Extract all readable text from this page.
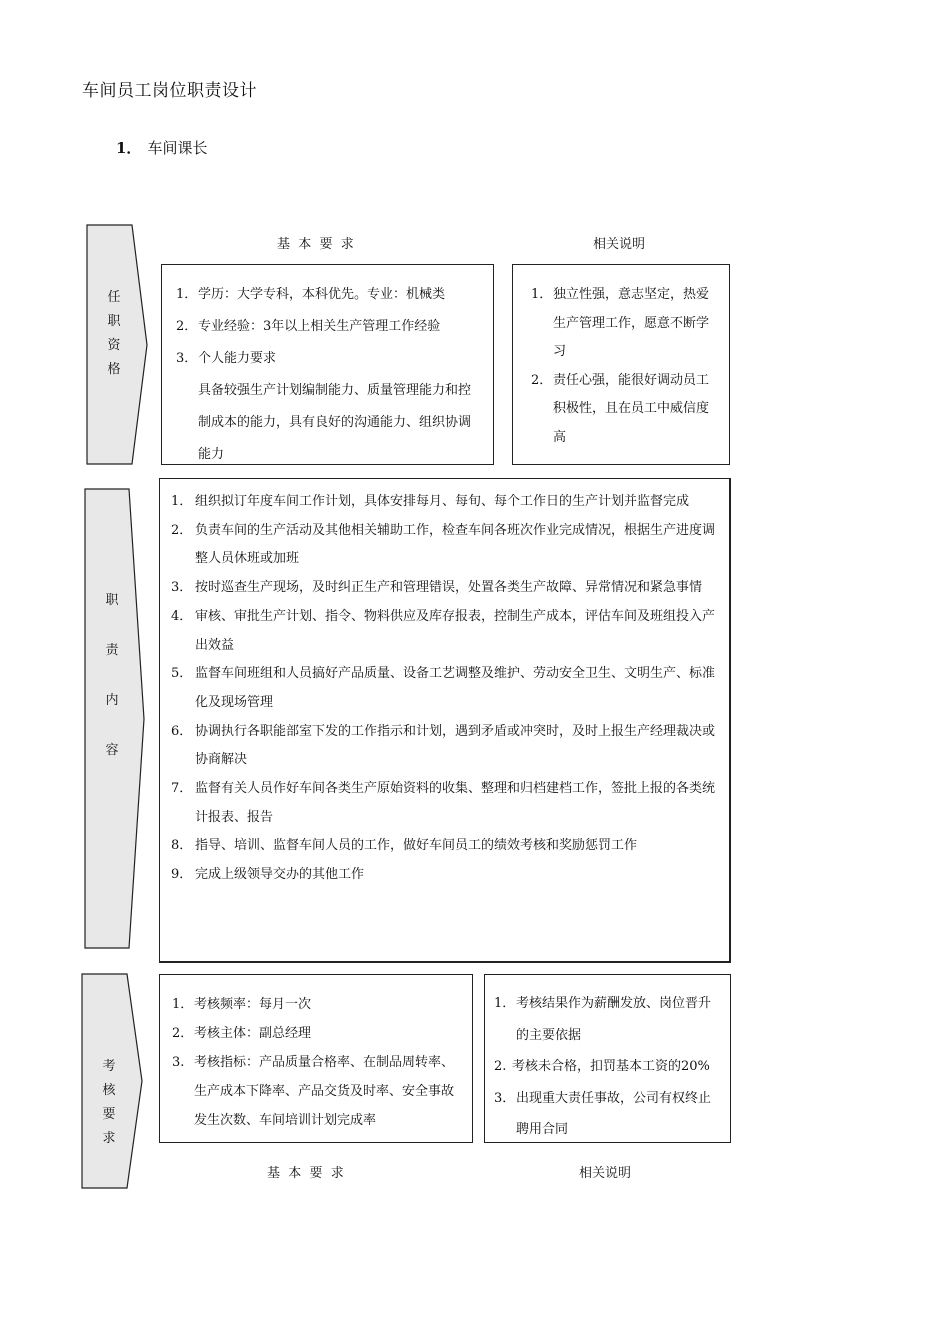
车间员工岗位职责设计
1． 车间课长
基  本  要  求	相关说明
任
职
资
格
1． 学历：大学专科，本科优先。专业：机械类
2． 专业经验：3年以上相关生产管理工作经验
3． 个人能力要求
具备较强生产计划编制能力、质量管理能力和控制成本的能力，具有良好的沟通能力、组织协调能力
1． 独立性强，意志坚定，热爱生产管理工作，愿意不断学习
2． 责任心强，能很好调动员工积极性，且在员工中威信度高
职
责
内
容
1． 组织拟订年度车间工作计划，具体安排每月、每旬、每个工作日的生产计划并监督完成
2． 负责车间的生产活动及其他相关辅助工作，检查车间各班次作业完成情况，根据生产进度调整人员休班或加班
3． 按时巡查生产现场，及时纠正生产和管理错误，处置各类生产故障、异常情况和紧急事情
4． 审核、审批生产计划、指令、物料供应及库存报表，控制生产成本，评估车间及班组投入产出效益
5． 监督车间班组和人员搞好产品质量、设备工艺调整及维护、劳动安全卫生、文明生产、标准化及现场管理
6． 协调执行各职能部室下发的工作指示和计划，遇到矛盾或冲突时，及时上报生产经理裁决或协商解决
7． 监督有关人员作好车间各类生产原始资料的收集、整理和归档建档工作，签批上报的各类统计报表、报告
8． 指导、培训、监督车间人员的工作，做好车间员工的绩效考核和奖励惩罚工作
9． 完成上级领导交办的其他工作
考
核
要
求
1． 考核频率：每月一次
2． 考核主体：副总经理
3. 考核指标：产品质量合格率、在制品周转率、生产成本下降率、产品交货及时率、安全事故发生次数、车间培训计划完成率
1． 考核结果作为薪酬发放、岗位晋升的主要依据
2. 考核未合格，扣罚基本工资的20%
3． 出现重大责任事故，公司有权终止聘用合同
基  本  要  求	相关说明
